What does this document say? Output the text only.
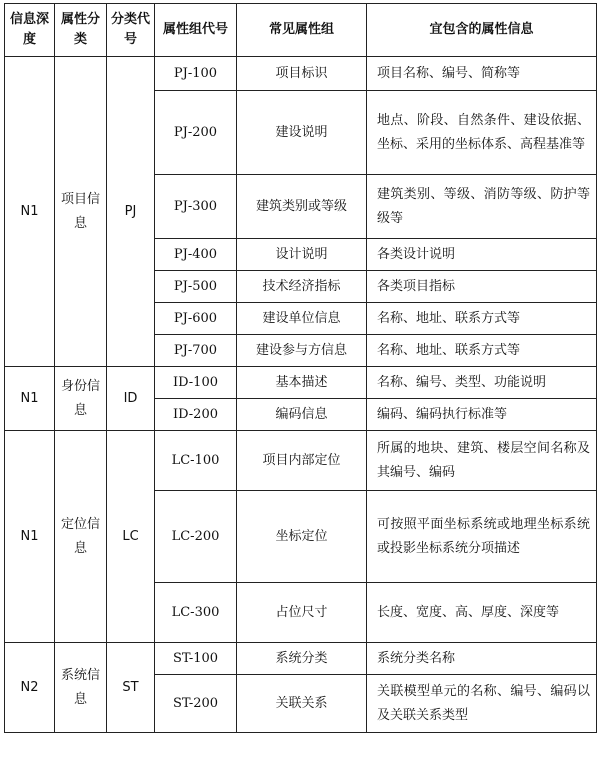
信息深度	属性分类	分类代号	属性组代号	常见属性组	宜包含的属性信息
N1	项目信息	PJ	PJ-100	项目标识	项目名称、编号、简称等
			PJ-200	建设说明	地点、阶段、自然条件、建设依据、坐标、采用的坐标体系、高程基准等
			PJ-300	建筑类别或等级	建筑类别、等级、消防等级、防护等级等
			PJ-400	设计说明	各类设计说明
			PJ-500	技术经济指标	各类项目指标
			PJ-600	建设单位信息	名称、地址、联系方式等
			PJ-700	建设参与方信息	名称、地址、联系方式等
N1	身份信息	ID	ID-100	基本描述	名称、编号、类型、功能说明
			ID-200	编码信息	编码、编码执行标准等
N1	定位信息	LC	LC-100	项目内部定位	所属的地块、建筑、楼层空间名称及其编号、编码
			LC-200	坐标定位	可按照平面坐标系统或地理坐标系统或投影坐标系统分项描述
			LC-300	占位尺寸	长度、宽度、高、厚度、深度等
N2	系统信息	ST	ST-100	系统分类	系统分类名称
			ST-200	关联关系	关联模型单元的名称、编号、编码以及关联关系类型
